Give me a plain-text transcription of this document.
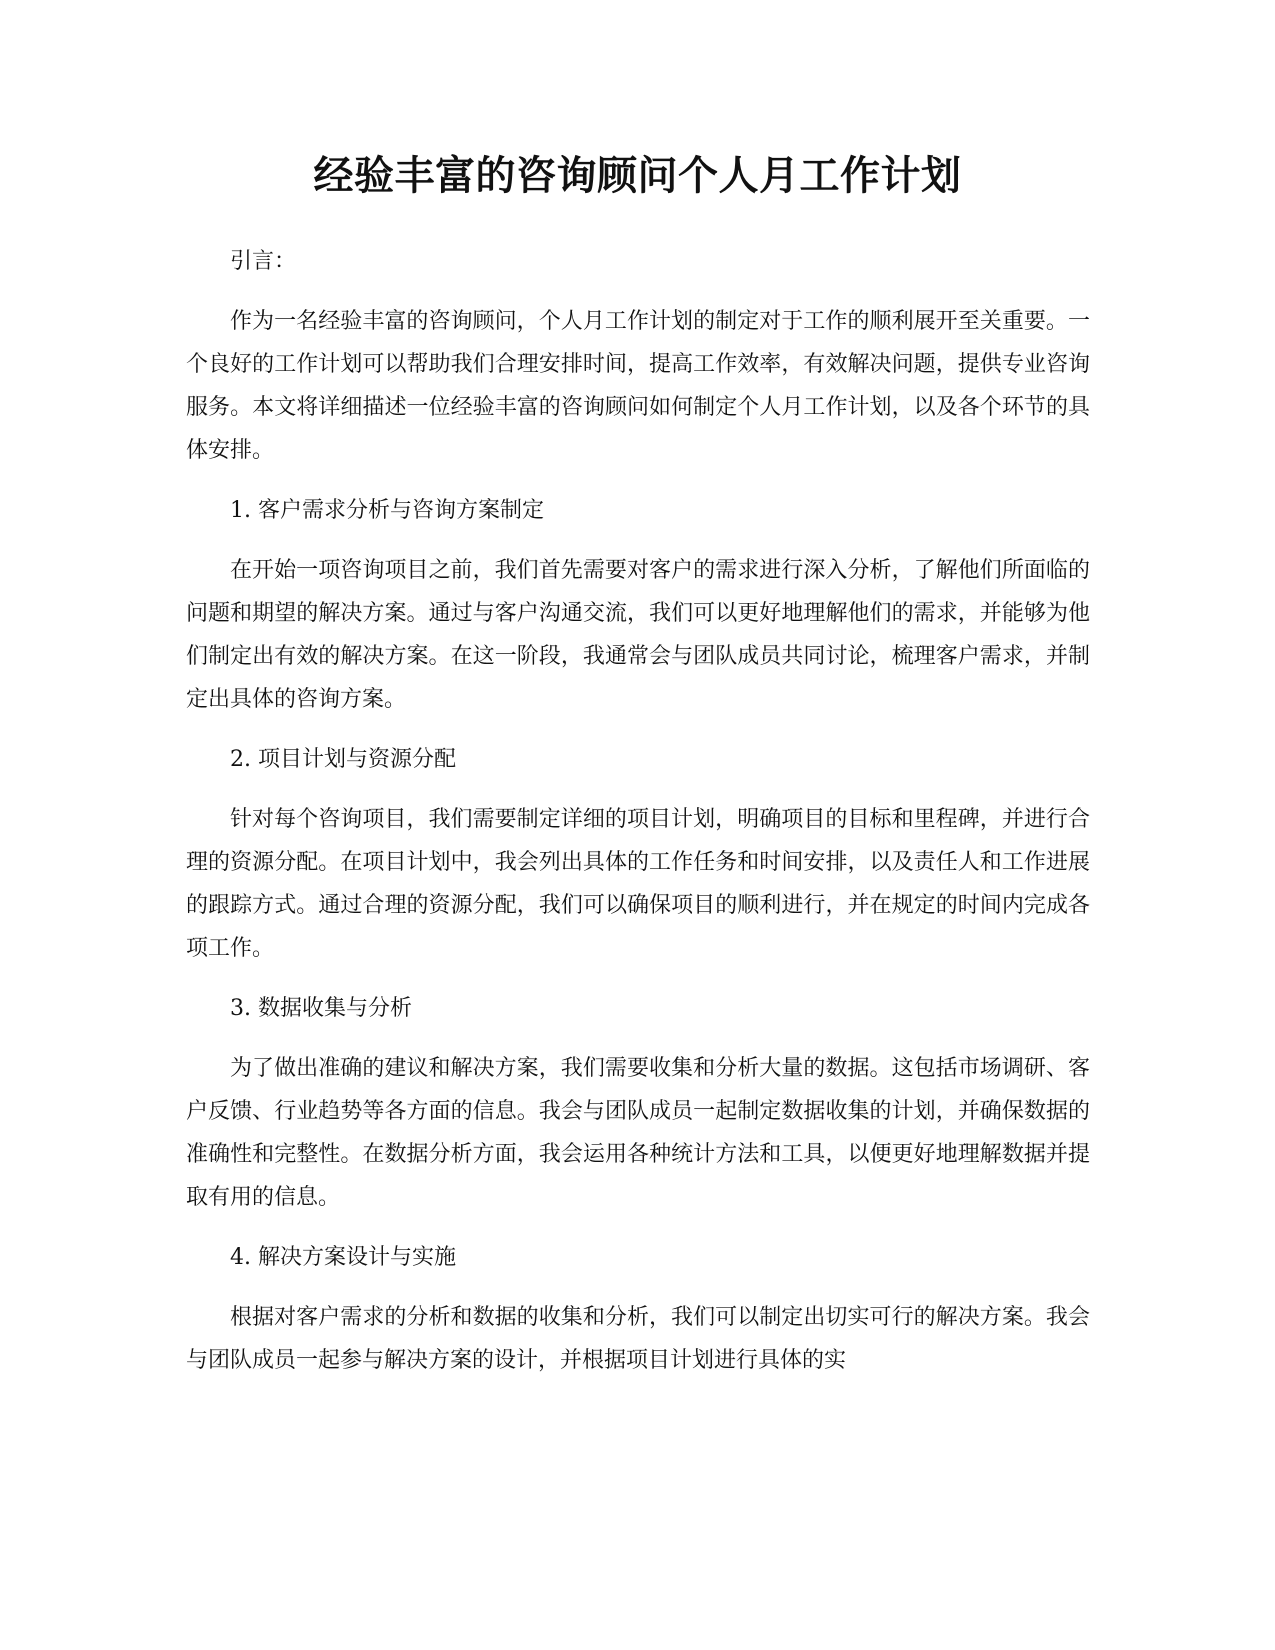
经验丰富的咨询顾问个人月工作计划

引言：

作为一名经验丰富的咨询顾问，个人月工作计划的制定对于工作的顺利展开至关重要。一个良好的工作计划可以帮助我们合理安排时间，提高工作效率，有效解决问题，提供专业咨询服务。本文将详细描述一位经验丰富的咨询顾问如何制定个人月工作计划，以及各个环节的具体安排。

1. 客户需求分析与咨询方案制定

在开始一项咨询项目之前，我们首先需要对客户的需求进行深入分析，了解他们所面临的问题和期望的解决方案。通过与客户沟通交流，我们可以更好地理解他们的需求，并能够为他们制定出有效的解决方案。在这一阶段，我通常会与团队成员共同讨论，梳理客户需求，并制定出具体的咨询方案。

2. 项目计划与资源分配

针对每个咨询项目，我们需要制定详细的项目计划，明确项目的目标和里程碑，并进行合理的资源分配。在项目计划中，我会列出具体的工作任务和时间安排，以及责任人和工作进展的跟踪方式。通过合理的资源分配，我们可以确保项目的顺利进行，并在规定的时间内完成各项工作。

3. 数据收集与分析

为了做出准确的建议和解决方案，我们需要收集和分析大量的数据。这包括市场调研、客户反馈、行业趋势等各方面的信息。我会与团队成员一起制定数据收集的计划，并确保数据的准确性和完整性。在数据分析方面，我会运用各种统计方法和工具，以便更好地理解数据并提取有用的信息。

4. 解决方案设计与实施

根据对客户需求的分析和数据的收集和分析，我们可以制定出切实可行的解决方案。我会与团队成员一起参与解决方案的设计，并根据项目计划进行具体的实
